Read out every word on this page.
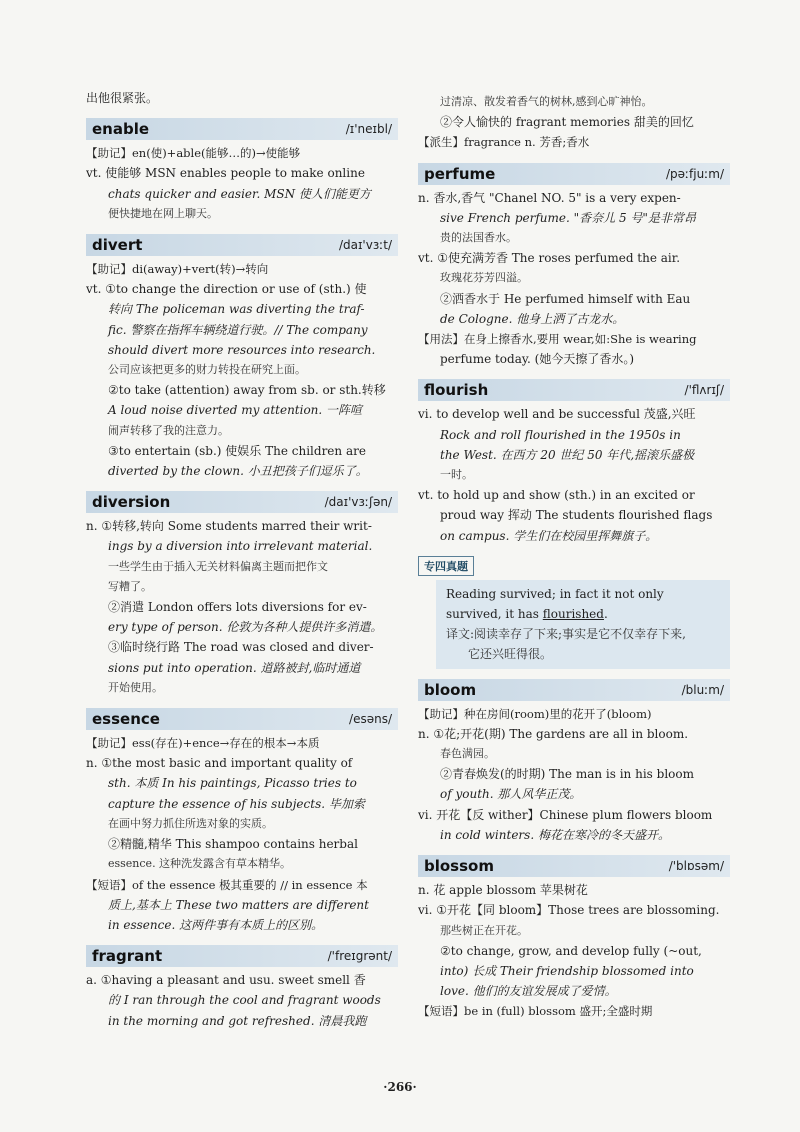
出他很紧张。
enable	/ɪ'neɪbl/
【助记】en(使)+able(能够…的)→使能够
vt. 使能够 MSN enables people to make online
chats quicker and easier. MSN 使人们能更方
便快捷地在网上聊天。
divert	/daɪ'vɜːt/
【助记】di(away)+vert(转)→转向
vt. ①to change the direction or use of (sth.) 使
转向 The policeman was diverting the traf-
fic. 警察在指挥车辆绕道行驶。// The company
should divert more resources into research.
公司应该把更多的财力转投在研究上面。
②to take (attention) away from sb. or sth.转移
A loud noise diverted my attention. 一阵喧
闹声转移了我的注意力。
③to entertain (sb.) 使娱乐 The children are
diverted by the clown. 小丑把孩子们逗乐了。
diversion	/daɪ'vɜːʃən/
n. ①转移,转向 Some students marred their writ-
ings by a diversion into irrelevant material.
一些学生由于插入无关材料偏离主题而把作文
写糟了。
②消遣 London offers lots diversions for ev-
ery type of person. 伦敦为各种人提供许多消遣。
③临时绕行路 The road was closed and diver-
sions put into operation. 道路被封,临时通道
开始使用。
essence	/esəns/
【助记】ess(存在)+ence→存在的根本→本质
n. ①the most basic and important quality of
sth. 本质 In his paintings, Picasso tries to
capture the essence of his subjects. 毕加索
在画中努力抓住所选对象的实质。
②精髓,精华 This shampoo contains herbal
essence. 这种洗发露含有草本精华。
【短语】of the essence 极其重要的 // in essence 本
质上,基本上 These two matters are different
in essence. 这两件事有本质上的区别。
fragrant	/'freɪgrənt/
a. ①having a pleasant and usu. sweet smell 香
的 I ran through the cool and fragrant woods
in the morning and got refreshed. 清晨我跑
过清凉、散发着香气的树林,感到心旷神怡。
②令人愉快的 fragrant memories 甜美的回忆
【派生】fragrance n. 芳香;香水
perfume	/pəːfjuːm/
n. 香水,香气 "Chanel NO. 5" is a very expen-
sive French perfume. "香奈儿 5 号"是非常昂
贵的法国香水。
vt. ①使充满芳香 The roses perfumed the air.
玫瑰花芬芳四溢。
②洒香水于 He perfumed himself with Eau
de Cologne. 他身上洒了古龙水。
【用法】在身上擦香水,要用 wear,如:She is wearing
perfume today. (她今天擦了香水。)
flourish	/'flʌrɪʃ/
vi. to develop well and be successful 茂盛,兴旺
Rock and roll flourished in the 1950s in
the West. 在西方 20 世纪 50 年代,摇滚乐盛极
一时。
vt. to hold up and show (sth.) in an excited or
proud way 挥动 The students flourished flags
on campus. 学生们在校园里挥舞旗子。
专四真题
Reading survived; in fact it not only
survived, it has flourished.
译文:阅读幸存了下来;事实是它不仅幸存下来,
它还兴旺得很。
bloom	/bluːm/
【助记】种在房间(room)里的花开了(bloom)
n. ①花;开花(期) The gardens are all in bloom.
春色满园。
②青春焕发(的时期) The man is in his bloom
of youth. 那人风华正茂。
vi. 开花【反 wither】Chinese plum flowers bloom
in cold winters. 梅花在寒冷的冬天盛开。
blossom	/'blɒsəm/
n. 花 apple blossom 苹果树花
vi. ①开花【同 bloom】Those trees are blossoming.
那些树正在开花。
②to change, grow, and develop fully (~out,
into) 长成 Their friendship blossomed into
love. 他们的友谊发展成了爱情。
【短语】be in (full) blossom 盛开;全盛时期
·266·
